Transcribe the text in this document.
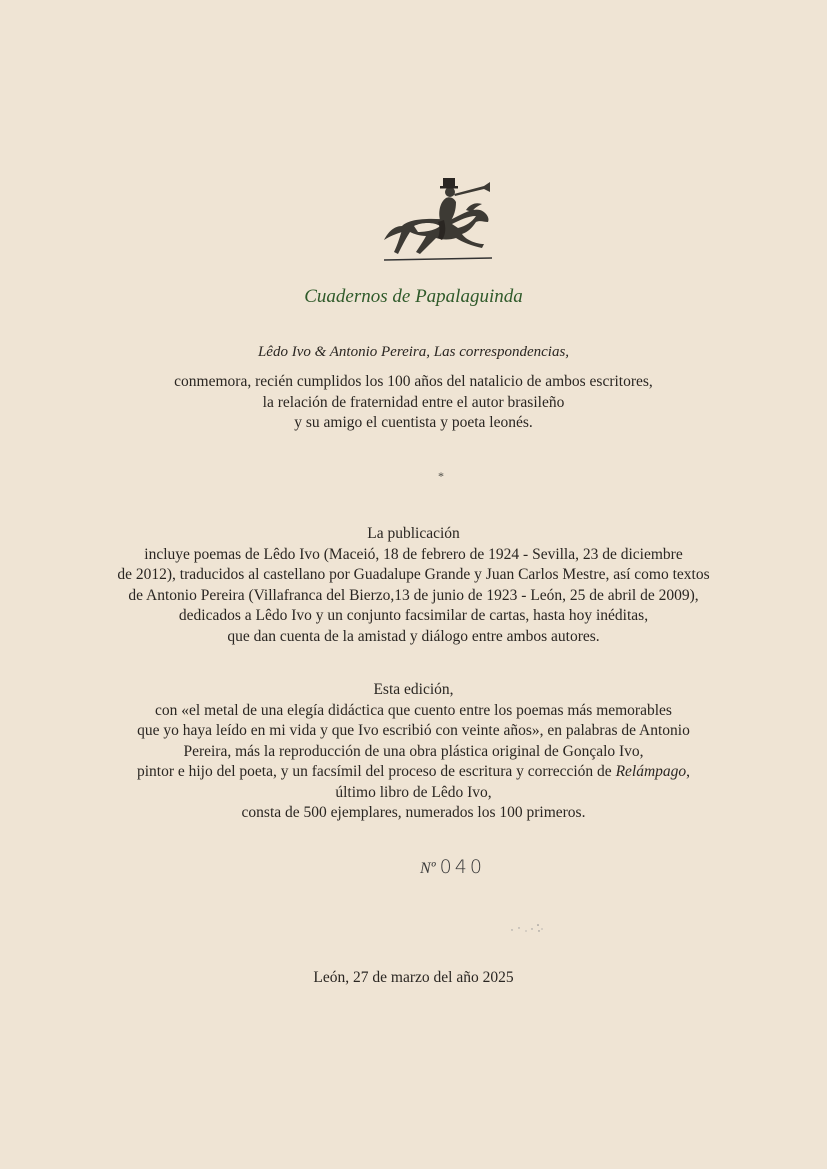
Cuadernos de Papalaguinda
Lêdo Ivo & Antonio Pereira, Las correspondencias,
conmemora, recién cumplidos los 100 años del natalicio de ambos escritores,
la relación de fraternidad entre el autor brasileño
y su amigo el cuentista y poeta leonés.
*
La publicación
incluye poemas de Lêdo Ivo (Maceió, 18 de febrero de 1924 - Sevilla, 23 de diciembre
de 2012), traducidos al castellano por Guadalupe Grande y Juan Carlos Mestre, así como textos
de Antonio Pereira (Villafranca del Bierzo,13 de junio de 1923 - León, 25 de abril de 2009),
dedicados a Lêdo Ivo y un conjunto facsimilar de cartas, hasta hoy inéditas,
que dan cuenta de la amistad y diálogo entre ambos autores.
Esta edición,
con «el metal de una elegía didáctica que cuento entre los poemas más memorables
que yo haya leído en mi vida y que Ivo escribió con veinte años», en palabras de Antonio
Pereira, más la reproducción de una obra plástica original de Gonçalo Ivo,
pintor e hijo del poeta, y un facsímil del proceso de escritura y corrección de Relámpago,
último libro de Lêdo Ivo,
consta de 500 ejemplares, numerados los 100 primeros.
Nº 040
León, 27 de marzo del año 2025
